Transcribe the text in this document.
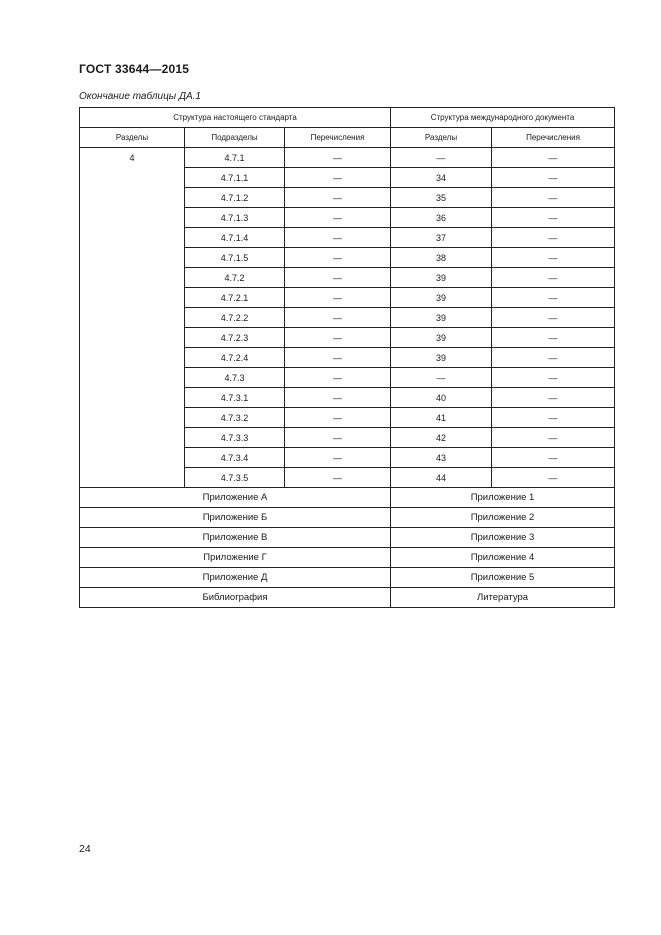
ГОСТ 33644—2015
Окончание таблицы ДА.1
Структура настоящего стандарта			Структура международного документа	
Разделы	Подразделы	Перечисления	Разделы	Перечисления
4	4.7.1	—	—	—
	4.7.1.1	—	34	—
	4.7.1.2	—	35	—
	4.7.1.3	—	36	—
	4.7.1.4	—	37	—
	4.7.1.5	—	38	—
	4.7.2	—	39	—
	4.7.2.1	—	39	—
	4.7.2.2	—	39	—
	4.7.2.3	—	39	—
	4.7.2.4	—	39	—
	4.7.3	—	—	—
	4.7.3.1	—	40	—
	4.7.3.2	—	41	—
	4.7.3.3	—	42	—
	4.7.3.4	—	43	—
	4.7.3.5	—	44	—
Приложение А			Приложение 1	
Приложение Б			Приложение 2	
Приложение В			Приложение 3	
Приложение Г			Приложение 4	
Приложение Д			Приложение 5	
Библиография			Литература	
24
